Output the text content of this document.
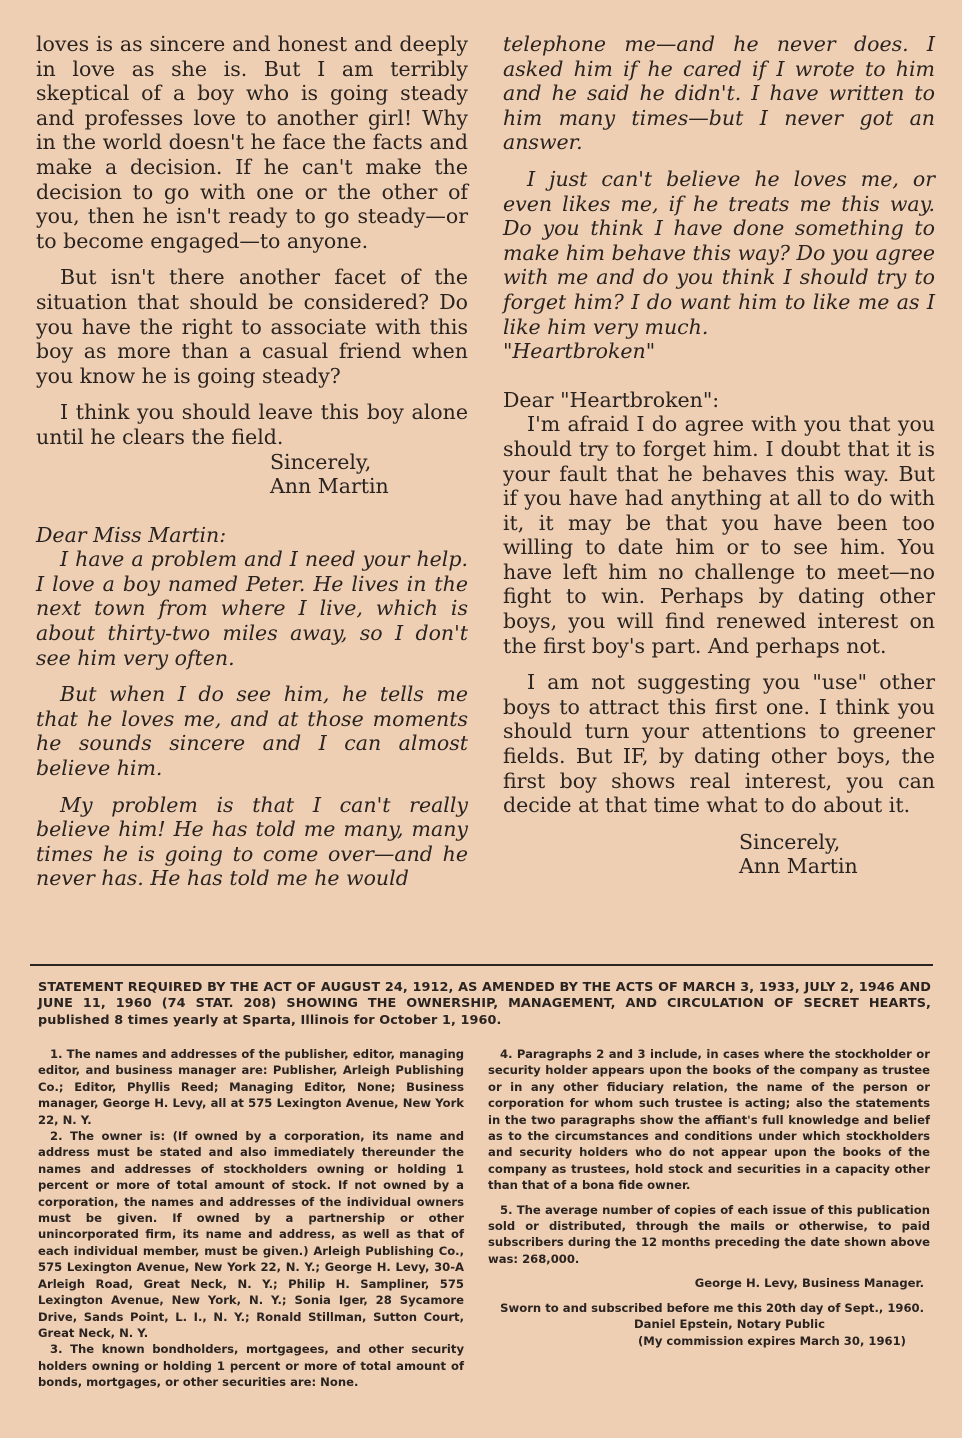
loves is as sincere and honest and deeply in love as she is. But I am terribly skeptical of a boy who is going steady and professes love to another girl! Why in the world doesn't he face the facts and make a decision. If he can't make the decision to go with one or the other of you, then he isn't ready to go steady—or to become engaged—to anyone.

But isn't there another facet of the situation that should be considered? Do you have the right to associate with this boy as more than a casual friend when you know he is going steady?

I think you should leave this boy alone until he clears the field.

Sincerely,

Ann Martin

Dear Miss Martin:

I have a problem and I need your help. I love a boy named Peter. He lives in the next town from where I live, which is about thirty-two miles away, so I don't see him very often.

But when I do see him, he tells me that he loves me, and at those moments he sounds sincere and I can almost believe him.

My problem is that I can't really believe him! He has told me many, many times he is going to come over—and he never has. He has told me he would

telephone me—and he never does. I asked him if he cared if I wrote to him and he said he didn't. I have written to him many times—but I never got an answer.

I just can't believe he loves me, or even likes me, if he treats me this way. Do you think I have done something to make him behave this way? Do you agree with me and do you think I should try to forget him? I do want him to like me as I like him very much.

"Heartbroken"

Dear "Heartbroken":

I'm afraid I do agree with you that you should try to forget him. I doubt that it is your fault that he behaves this way. But if you have had anything at all to do with it, it may be that you have been too willing to date him or to see him. You have left him no challenge to meet—no fight to win. Perhaps by dating other boys, you will find renewed interest on the first boy's part. And perhaps not.

I am not suggesting you "use" other boys to attract this first one. I think you should turn your attentions to greener fields. But IF, by dating other boys, the first boy shows real interest, you can decide at that time what to do about it.

Sincerely,

Ann Martin

STATEMENT REQUIRED BY THE ACT OF AUGUST 24, 1912, AS AMENDED BY THE ACTS OF MARCH 3, 1933, JULY 2, 1946 AND JUNE 11, 1960 (74 STAT. 208) SHOWING THE OWNERSHIP, MANAGEMENT, AND CIRCULATION OF SECRET HEARTS, published 8 times yearly at Sparta, Illinois for October 1, 1960.

1. The names and addresses of the publisher, editor, managing editor, and business manager are: Publisher, Arleigh Publishing Co.; Editor, Phyllis Reed; Managing Editor, None; Business manager, George H. Levy, all at 575 Lexington Avenue, New York 22, N. Y.

2. The owner is: (If owned by a corporation, its name and address must be stated and also immediately thereunder the names and addresses of stockholders owning or holding 1 percent or more of total amount of stock. If not owned by a corporation, the names and addresses of the individual owners must be given. If owned by a partnership or other unincorporated firm, its name and address, as well as that of each individual member, must be given.) Arleigh Publishing Co., 575 Lexington Avenue, New York 22, N. Y.; George H. Levy, 30-A Arleigh Road, Great Neck, N. Y.; Philip H. Sampliner, 575 Lexington Avenue, New York, N. Y.; Sonia Iger, 28 Sycamore Drive, Sands Point, L. I., N. Y.; Ronald Stillman, Sutton Court, Great Neck, N. Y.

3. The known bondholders, mortgagees, and other security holders owning or holding 1 percent or more of total amount of bonds, mortgages, or other securities are: None.

4. Paragraphs 2 and 3 include, in cases where the stockholder or security holder appears upon the books of the company as trustee or in any other fiduciary relation, the name of the person or corporation for whom such trustee is acting; also the statements in the two paragraphs show the affiant's full knowledge and belief as to the circumstances and conditions under which stockholders and security holders who do not appear upon the books of the company as trustees, hold stock and securities in a capacity other than that of a bona fide owner.

5. The average number of copies of each issue of this publication sold or distributed, through the mails or otherwise, to paid subscribers during the 12 months preceding the date shown above was: 268,000.

George H. Levy, Business Manager.

Sworn to and subscribed before me this 20th day of Sept., 1960.

Daniel Epstein, Notary Public

(My commission expires March 30, 1961)
